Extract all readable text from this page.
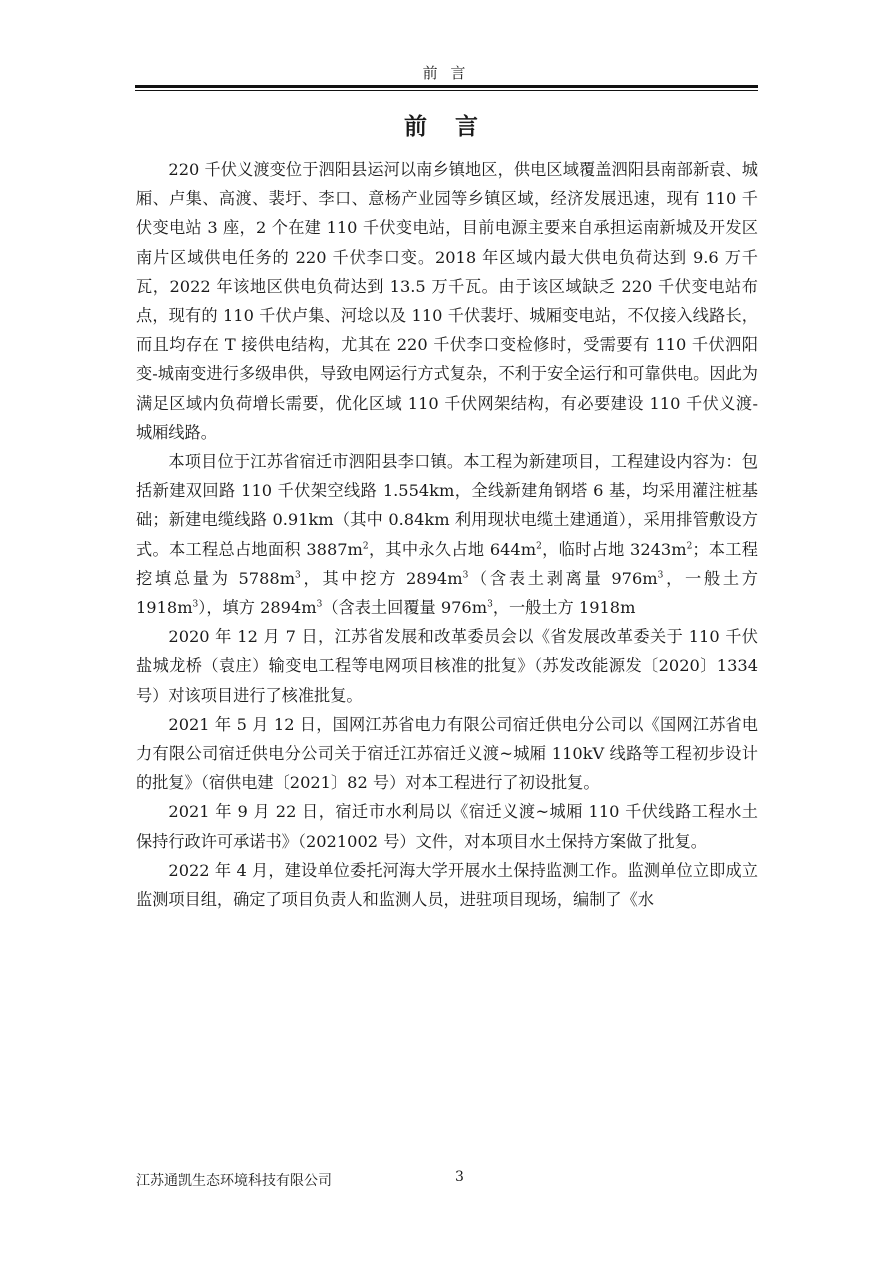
前 言
前 言

220 千伏义渡变位于泗阳县运河以南乡镇地区，供电区域覆盖泗阳县南部新袁、城厢、卢集、高渡、裴圩、李口、意杨产业园等乡镇区域，经济发展迅速，现有 110 千伏变电站 3 座，2 个在建 110 千伏变电站，目前电源主要来自承担运南新城及开发区南片区域供电任务的 220 千伏李口变。2018 年区域内最大供电负荷达到 9.6 万千瓦，2022 年该地区供电负荷达到 13.5 万千瓦。由于该区域缺乏 220 千伏变电站布点，现有的 110 千伏卢集、河埝以及 110 千伏裴圩、城厢变电站，不仅接入线路长，而且均存在 T 接供电结构，尤其在 220 千伏李口变检修时，受需要有 110 千伏泗阳变-城南变进行多级串供，导致电网运行方式复杂，不利于安全运行和可靠供电。因此为满足区域内负荷增长需要，优化区域 110 千伏网架结构，有必要建设 110 千伏义渡-城厢线路。

本项目位于江苏省宿迁市泗阳县李口镇。本工程为新建项目，工程建设内容为：包括新建双回路 110 千伏架空线路 1.554km，全线新建角钢塔 6 基，均采用灌注桩基础；新建电缆线路 0.91km（其中 0.84km 利用现状电缆土建通道），采用排管敷设方式。本工程总占地面积 $3887m^2$，其中永久占地 $644m^2$，临时占地 $3243m^2$；本工程挖填总量为 $5788m^3$，其中挖方 $2894m^3$（含表土剥离量 $976m^3$，一般土方 $1918m^3$），填方 $2894m^3$（含表土回覆量 $976m^3$，一般土方 1918m

2020 年 12 月 7 日，江苏省发展和改革委员会以《省发展改革委关于 110 千伏盐城龙桥（袁庄）输变电工程等电网项目核准的批复》（苏发改能源发〔2020〕1334 号）对该项目进行了核准批复。

2021 年 5 月 12 日，国网江苏省电力有限公司宿迁供电分公司以《国网江苏省电力有限公司宿迁供电分公司关于宿迁江苏宿迁义渡~城厢 110kV 线路等工程初步设计的批复》（宿供电建〔2021〕82 号）对本工程进行了初设批复。

2021 年 9 月 22 日，宿迁市水利局以《宿迁义渡~城厢 110 千伏线路工程水土保持行政许可承诺书》（2021002 号）文件，对本项目水土保持方案做了批复。

2022 年 4 月，建设单位委托河海大学开展水土保持监测工作。监测单位立即成立监测项目组，确定了项目负责人和监测人员，进驻项目现场，编制了《水

江苏通凯生态环境科技有限公司	3
